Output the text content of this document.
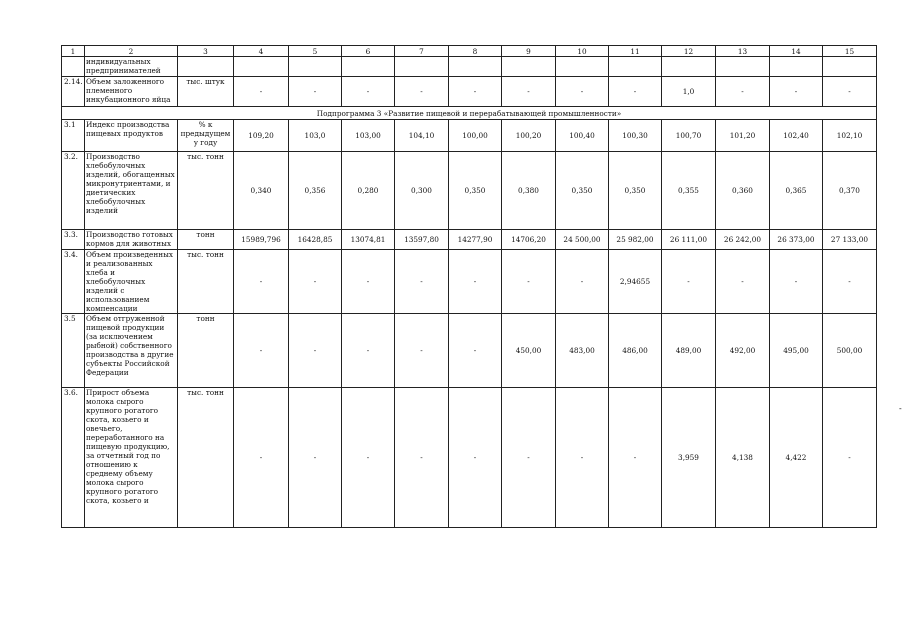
1	2	3	4	5	6	7	8	9	10	11	12	13	14	15
	индивидуальных предпринимателей													
2.14.	Объем заложенного племенного инкубационного яйца	тыс. штук	-	-	-	-	-	-	-	-	1,0	-	-	-
Подпрограмма 3 «Развитие пищевой и перерабатывающей промышленности»														
3.1	Индекс производства пищевых продуктов	% к предыдущем у году	109,20	103,0	103,00	104,10	100,00	100,20	100,40	100,30	100,70	101,20	102,40	102,10
3.2.	Производство хлебобулочных изделий, обогащенных микронутриентами, и диетических хлебобулочных изделий	тыс. тонн	0,340	0,356	0,280	0,300	0,350	0,380	0,350	0,350	0,355	0,360	0,365	0,370
3.3.	Производство готовых кормов для животных	тонн	15989,796	16428,85	13074,81	13597,80	14277,90	14706,20	24 500,00	25 982,00	26 111,00	26 242,00	26 373,00	27 133,00
3.4.	Объем произведенных и реализованных хлеба и хлебобулочных изделий с использованием компенсации	тыс. тонн	-	-	-	-	-	-	-	2,94655	-	-	-	-
3.5	Объем отгруженной пищевой продукции (за исключением рыбной) собственного производства в другие субъекты Российской Федерации	тонн	-	-	-	-	-	450,00	483,00	486,00	489,00	492,00	495,00	500,00
3.6.	Прирост объема молока сырого крупного рогатого скота, козьего и овечьего, переработанного на пищевую продукцию, за отчетный год по отношению к среднему объему молока сырого крупного рогатого скота, козьего и	тыс. тонн	-	-	-	-	-	-	-	-	3,959	4,138	4,422	-
-
